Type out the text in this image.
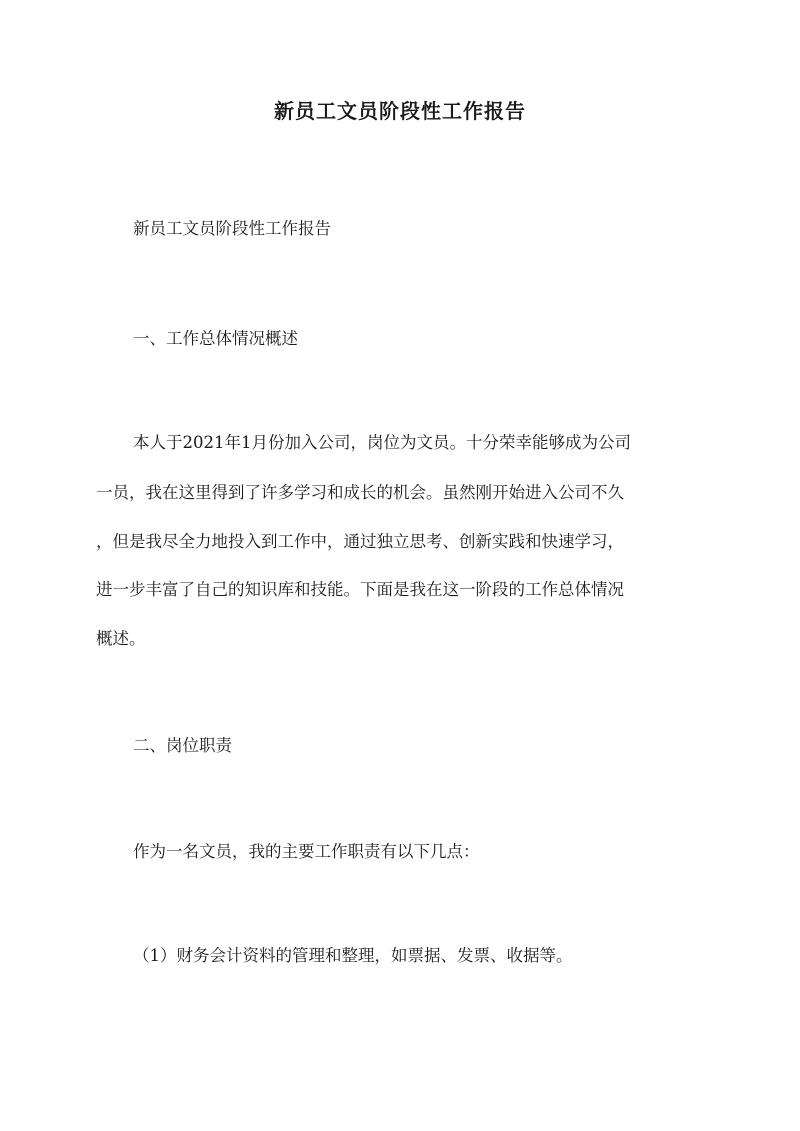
新员工文员阶段性工作报告
新员工文员阶段性工作报告
一、工作总体情况概述
本人于2021年1月份加入公司，岗位为文员。十分荣幸能够成为公司
一员，我在这里得到了许多学习和成长的机会。虽然刚开始进入公司不久
，但是我尽全力地投入到工作中，通过独立思考、创新实践和快速学习，
进一步丰富了自己的知识库和技能。下面是我在这一阶段的工作总体情况
概述。
二、岗位职责
作为一名文员，我的主要工作职责有以下几点：
（1）财务会计资料的管理和整理，如票据、发票、收据等。
